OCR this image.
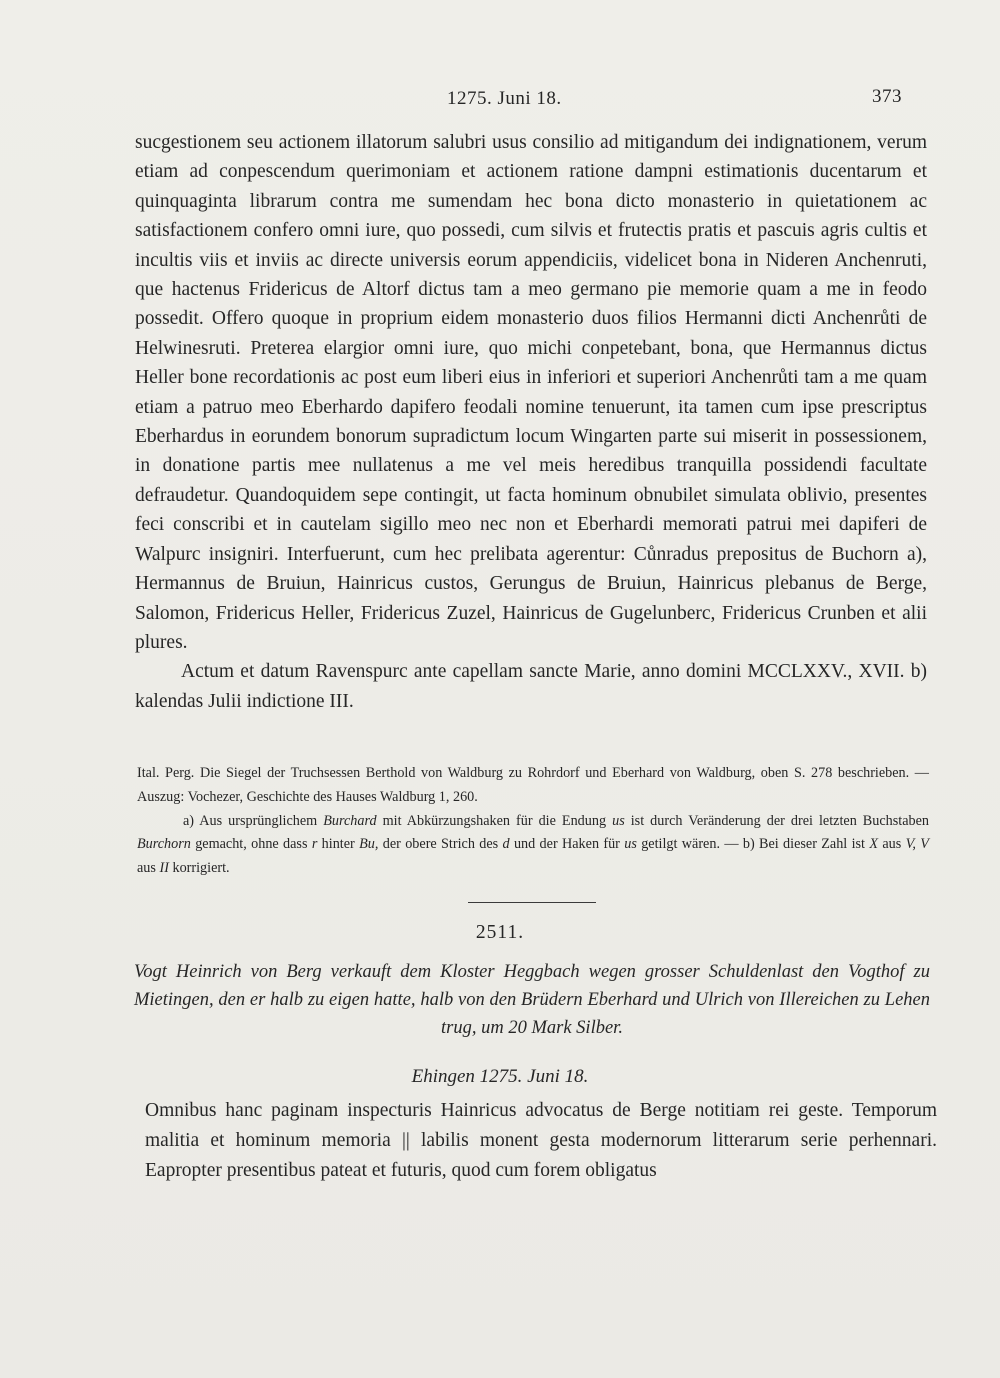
1275. Juni 18.	373

sucgestionem seu actionem illatorum salubri usus consilio ad mitigandum dei indignationem, verum etiam ad conpescendum querimoniam et actionem ratione dampni estimationis ducentarum et quinquaginta librarum contra me sumendam hec bona dicto monasterio in quietationem ac satisfactionem confero omni iure, quo possedi, cum silvis et frutectis pratis et pascuis agris cultis et incultis viis et inviis ac directe universis eorum appendiciis, videlicet bona in Nideren Anchenruti, que hactenus Fridericus de Altorf dictus tam a meo germano pie memorie quam a me in feodo possedit. Offero quoque in proprium eidem monasterio duos filios Hermanni dicti Anchenrůti de Helwinesruti. Preterea elargior omni iure, quo michi conpetebant, bona, que Hermannus dictus Heller bone recordationis ac post eum liberi eius in inferiori et superiori Anchenrůti tam a me quam etiam a patruo meo Eberhardo dapifero feodali nomine tenuerunt, ita tamen cum ipse prescriptus Eberhardus in eorundem bonorum supradictum locum Wingarten parte sui miserit in possessionem, in donatione partis mee nullatenus a me vel meis heredibus tranquilla possidendi facultate defraudetur. Quandoquidem sepe contingit, ut facta hominum obnubilet simulata oblivio, presentes feci conscribi et in cautelam sigillo meo nec non et Eberhardi memorati patrui mei dapiferi de Walpurc insigniri. Interfuerunt, cum hec prelibata agerentur: Cůnradus prepositus de Buchorn a), Hermannus de Bruiun, Hainricus custos, Gerungus de Bruiun, Hainricus plebanus de Berge, Salomon, Fridericus Heller, Fridericus Zuzel, Hainricus de Gugelunberc, Fridericus Crunben et alii plures.

Actum et datum Ravenspurc ante capellam sancte Marie, anno domini MCCLXXV., XVII. b) kalendas Julii indictione III.

Ital. Perg. Die Siegel der Truchsessen Berthold von Waldburg zu Rohrdorf und Eberhard von Waldburg, oben S. 278 beschrieben. — Auszug: Vochezer, Geschichte des Hauses Waldburg 1, 260.

a) Aus ursprünglichem Burchard mit Abkürzungshaken für die Endung us ist durch Veränderung der drei letzten Buchstaben Burchorn gemacht, ohne dass r hinter Bu, der obere Strich des d und der Haken für us getilgt wären. — b) Bei dieser Zahl ist X aus V, V aus II korrigiert.

2511.
Vogt Heinrich von Berg verkauft dem Kloster Heggbach wegen grosser Schuldenlast den Vogthof zu Mietingen, den er halb zu eigen hatte, halb von den Brüdern Eberhard und Ulrich von Illereichen zu Lehen trug, um 20 Mark Silber.
Ehingen 1275. Juni 18.

Omnibus hanc paginam inspecturis Hainricus advocatus de Berge notitiam rei geste. Temporum malitia et hominum memoria || labilis monent gesta modernorum litterarum serie perhennari. Eapropter presentibus pateat et futuris, quod cum forem obligatus
